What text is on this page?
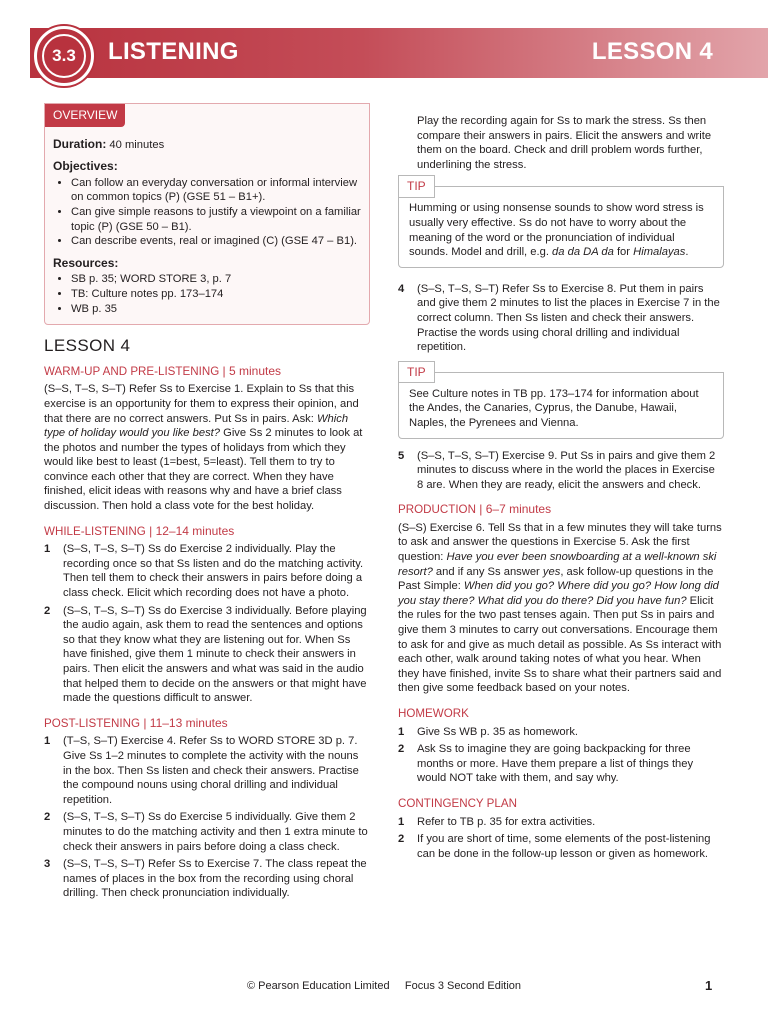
3.3	LISTENING	LESSON 4
OVERVIEW

Duration: 40 minutes

Objectives:

• Can follow an everyday conversation or informal interview on common topics (P) (GSE 51 – B1+).
• Can give simple reasons to justify a viewpoint on a familiar topic (P) (GSE 50 – B1).
• Can describe events, real or imagined (C) (GSE 47 – B1).

Resources:

• SB p. 35; WORD STORE 3, p. 7
• TB: Culture notes pp. 173–174
• WB p. 35
LESSON 4
WARM-UP AND PRE-LISTENING | 5 minutes

(S–S, T–S, S–T) Refer Ss to Exercise 1. Explain to Ss that this exercise is an opportunity for them to express their opinion, and that there are no correct answers. Put Ss in pairs. Ask: Which type of holiday would you like best? Give Ss 2 minutes to look at the photos and number the types of holidays from which they would like best to least (1=best, 5=least). Tell them to try to convince each other that they are correct. When they have finished, elicit ideas with reasons why and have a brief class discussion. Then hold a class vote for the best holiday.

WHILE-LISTENING | 12–14 minutes
1 (S–S, T–S, S–T) Ss do Exercise 2 individually. Play the recording once so that Ss listen and do the matching activity. Then tell them to check their answers in pairs before doing a class check. Elicit which recording does not have a photo.
2 (S–S, T–S, S–T) Ss do Exercise 3 individually. Before playing the audio again, ask them to read the sentences and options so that they know what they are listening out for. When Ss have finished, give them 1 minute to check their answers in pairs. Then elicit the answers and what was said in the audio that helped them to decide on the answers or that might have made the questions difficult to answer.
POST-LISTENING | 11–13 minutes
1 (T–S, S–T) Exercise 4. Refer Ss to WORD STORE 3D p. 7. Give Ss 1–2 minutes to complete the activity with the nouns in the box. Then Ss listen and check their answers. Practise the compound nouns using choral drilling and individual repetition.
2 (S–S, T–S, S–T) Ss do Exercise 5 individually. Give them 2 minutes to do the matching activity and then 1 extra minute to check their answers in pairs before doing a class check.
3 (S–S, T–S, S–T) Refer Ss to Exercise 7. The class repeat the names of places in the box from the recording using choral drilling. Then check pronunciation individually.

Play the recording again for Ss to mark the stress. Ss then compare their answers in pairs. Elicit the answers and write them on the board. Check and drill problem words further, underlining the stress.

TIP

Humming or using nonsense sounds to show word stress is usually very effective. Ss do not have to worry about the meaning of the word or the pronunciation of individual sounds. Model and drill, e.g. da da DA da for Himalayas.

4 (S–S, T–S, S–T) Refer Ss to Exercise 8. Put them in pairs and give them 2 minutes to list the places in Exercise 7 in the correct column. Then Ss listen and check their answers. Practise the words using choral drilling and individual repetition.
TIP

See Culture notes in TB pp. 173–174 for information about the Andes, the Canaries, Cyprus, the Danube, Hawaii, Naples, the Pyrenees and Vienna.

5 (S–S, T–S, S–T) Exercise 9. Put Ss in pairs and give them 2 minutes to discuss where in the world the places in Exercise 8 are. When they are ready, elicit the answers and check.
PRODUCTION | 6–7 minutes

(S–S) Exercise 6. Tell Ss that in a few minutes they will take turns to ask and answer the questions in Exercise 5. Ask the first question: Have you ever been snowboarding at a well-known ski resort? and if any Ss answer yes, ask follow-up questions in the Past Simple: When did you go? Where did you go? How long did you stay there? What did you do there? Did you have fun? Elicit the rules for the two past tenses again. Then put Ss in pairs and give them 3 minutes to carry out conversations. Encourage them to ask for and give as much detail as possible. As Ss interact with each other, walk around taking notes of what you hear. When they have finished, invite Ss to share what their partners said and then give some feedback based on your notes.

HOMEWORK
1 Give Ss WB p. 35 as homework.
2 Ask Ss to imagine they are going backpacking for three months or more. Have them prepare a list of things they would NOT take with them, and say why.
CONTINGENCY PLAN
1 Refer to TB p. 35 for extra activities.
2 If you are short of time, some elements of the post-listening can be done in the follow-up lesson or given as homework.
© Pearson Education Limited     Focus 3 Second Edition	1
